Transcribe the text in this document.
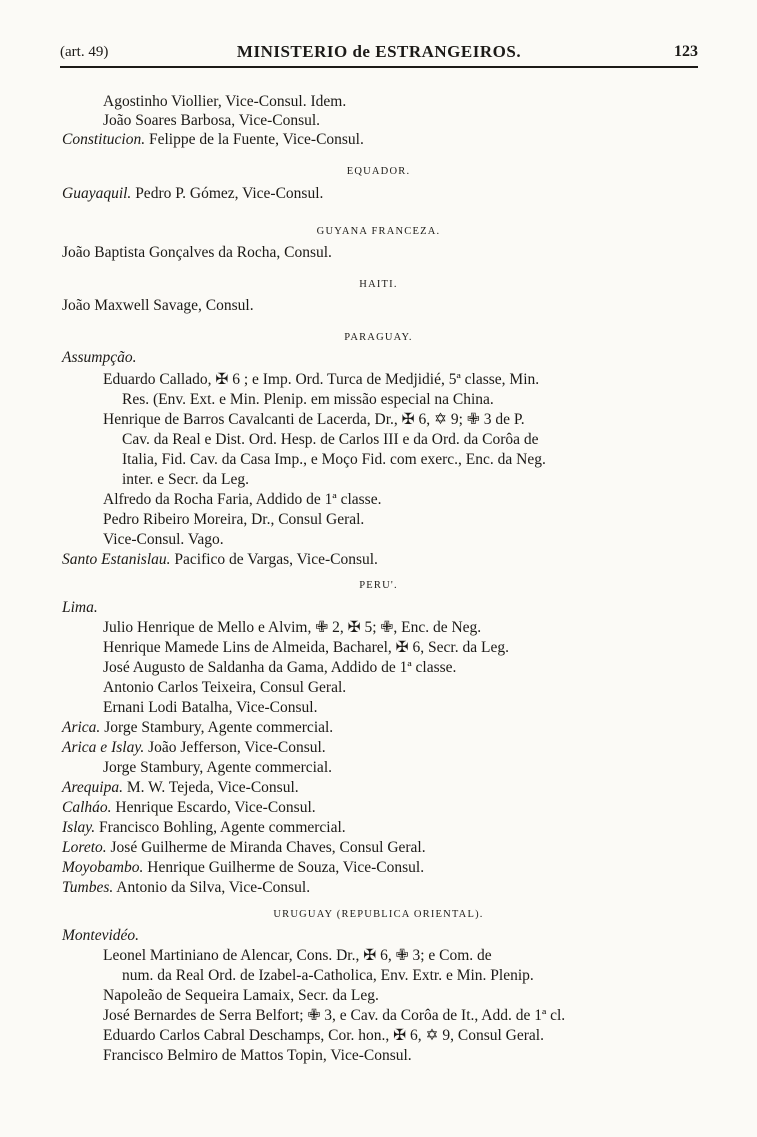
(art. 49)	MINISTERIO de ESTRANGEIROS.	123
EQUADOR.
GUYANA FRANCEZA.
HAITI.
PARAGUAY.
PERU'.
URUGUAY (REPUBLICA ORIENTAL).
Agostinho Viollier, Vice-Consul. Idem.
João Soares Barbosa, Vice-Consul.
Constitucion. Felippe de la Fuente, Vice-Consul.
Guayaquil. Pedro P. Gómez, Vice-Consul.
João Baptista Gonçalves da Rocha, Consul.
João Maxwell Savage, Consul.
Assumpção.
Eduardo Callado, ✠ 6 ; e Imp. Ord. Turca de Medjidié, 5ª classe, Min.
Res. (Env. Ext. e Min. Plenip. em missão especial na China.
Henrique de Barros Cavalcanti de Lacerda, Dr., ✠ 6, ✡ 9; ✙ 3 de P.
Cav. da Real e Dist. Ord. Hesp. de Carlos III e da Ord. da Corôa de
Italia, Fid. Cav. da Casa Imp., e Moço Fid. com exerc., Enc. da Neg.
inter. e Secr. da Leg.
Alfredo da Rocha Faria, Addido de 1ª classe.
Pedro Ribeiro Moreira, Dr., Consul Geral.
Vice-Consul. Vago.
Santo Estanislau. Pacifico de Vargas, Vice-Consul.
Lima.
Julio Henrique de Mello e Alvim, ✙ 2, ✠ 5; ✙, Enc. de Neg.
Henrique Mamede Lins de Almeida, Bacharel, ✠ 6, Secr. da Leg.
José Augusto de Saldanha da Gama, Addido de 1ª classe.
Antonio Carlos Teixeira, Consul Geral.
Ernani Lodi Batalha, Vice-Consul.
Arica. Jorge Stambury, Agente commercial.
Arica e Islay. João Jefferson, Vice-Consul.
Jorge Stambury, Agente commercial.
Arequipa. M. W. Tejeda, Vice-Consul.
Calháo. Henrique Escardo, Vice-Consul.
Islay. Francisco Bohling, Agente commercial.
Loreto. José Guilherme de Miranda Chaves, Consul Geral.
Moyobambo. Henrique Guilherme de Souza, Vice-Consul.
Tumbes. Antonio da Silva, Vice-Consul.
Montevidéo.
Leonel Martiniano de Alencar, Cons. Dr., ✠ 6, ✙ 3; e Com. de
num. da Real Ord. de Izabel-a-Catholica, Env. Extr. e Min. Plenip.
Napoleão de Sequeira Lamaix, Secr. da Leg.
José Bernardes de Serra Belfort; ✙ 3, e Cav. da Corôa de It., Add. de 1ª cl.
Eduardo Carlos Cabral Deschamps, Cor. hon., ✠ 6, ✡ 9, Consul Geral.
Francisco Belmiro de Mattos Topin, Vice-Consul.
